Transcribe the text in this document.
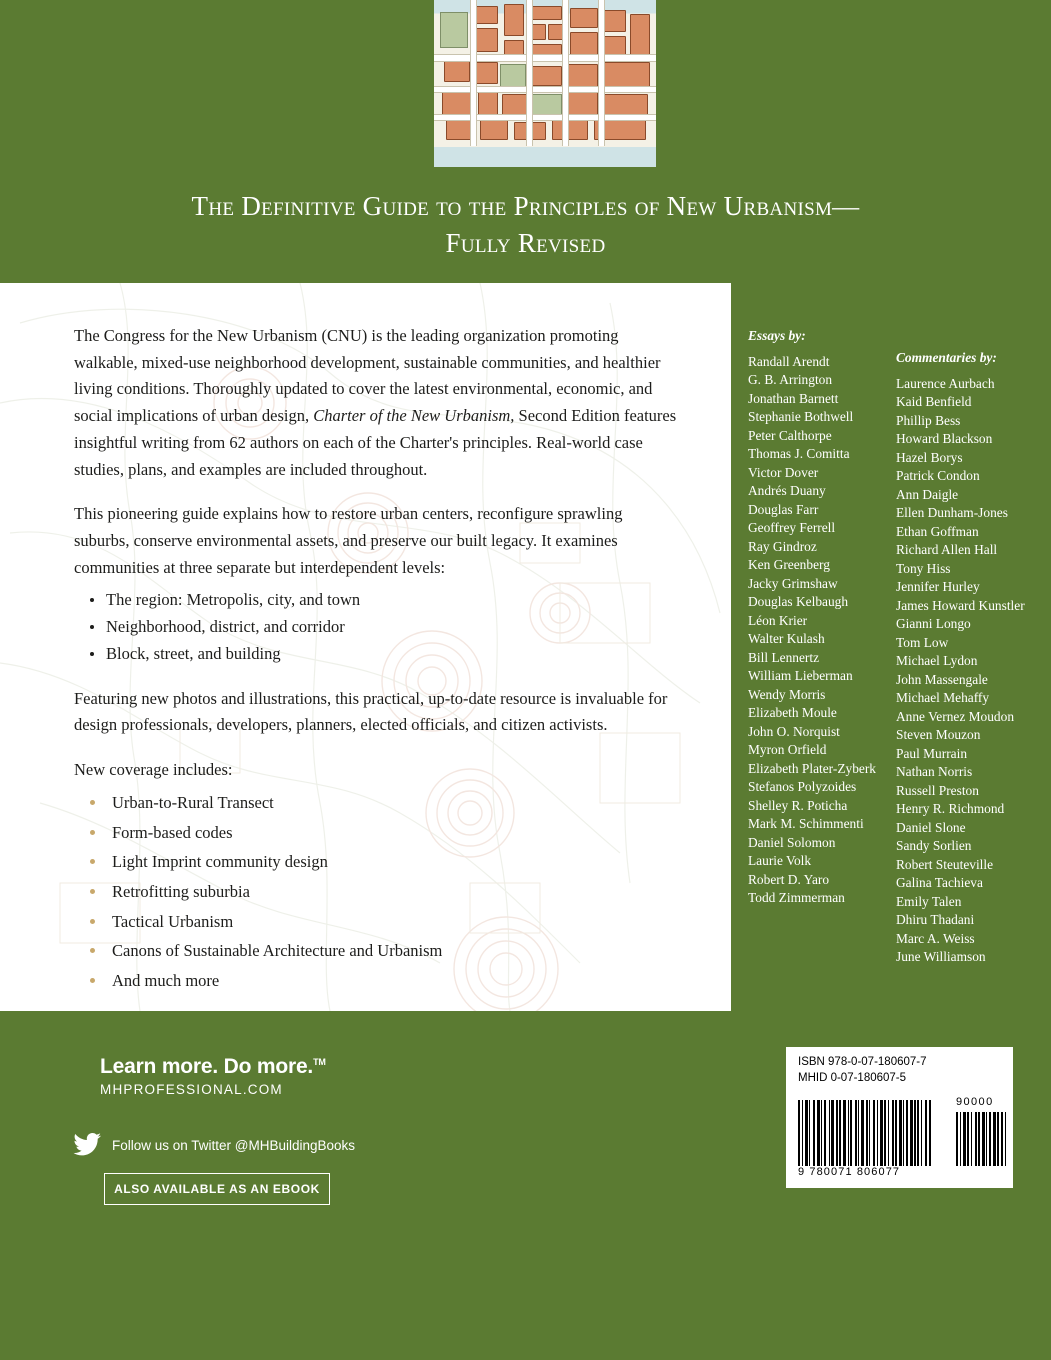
The Definitive Guide to the Principles of New Urbanism—
Fully Revised

The Congress for the New Urbanism (CNU) is the leading organization promoting walkable, mixed-use neighborhood development, sustainable communities, and healthier living conditions. Thoroughly updated to cover the latest environmental, economic, and social implications of urban design, Charter of the New Urbanism, Second Edition features insightful writing from 62 authors on each of the Charter's principles. Real-world case studies, plans, and examples are included throughout.

This pioneering guide explains how to restore urban centers, reconfigure sprawling suburbs, conserve environmental assets, and preserve our built legacy. It examines communities at three separate but interdependent levels:

The region: Metropolis, city, and town
Neighborhood, district, and corridor
Block, street, and building

Featuring new photos and illustrations, this practical, up-to-date resource is invaluable for design professionals, developers, planners, elected officials, and citizen activists.

New coverage includes:

Urban-to-Rural Transect
Form-based codes
Light Imprint community design
Retrofitting suburbia
Tactical Urbanism
Canons of Sustainable Architecture and Urbanism
And much more
Essays by:
Randall Arendt
G. B. Arrington
Jonathan Barnett
Stephanie Bothwell
Peter Calthorpe
Thomas J. Comitta
Victor Dover
Andrés Duany
Douglas Farr
Geoffrey Ferrell
Ray Gindroz
Ken Greenberg
Jacky Grimshaw
Douglas Kelbaugh
Léon Krier
Walter Kulash
Bill Lennertz
William Lieberman
Wendy Morris
Elizabeth Moule
John O. Norquist
Myron Orfield
Elizabeth Plater-Zyberk
Stefanos Polyzoides
Shelley R. Poticha
Mark M. Schimmenti
Daniel Solomon
Laurie Volk
Robert D. Yaro
Todd Zimmerman
Commentaries by:
Laurence Aurbach
Kaid Benfield
Phillip Bess
Howard Blackson
Hazel Borys
Patrick Condon
Ann Daigle
Ellen Dunham-Jones
Ethan Goffman
Richard Allen Hall
Tony Hiss
Jennifer Hurley
James Howard Kunstler
Gianni Longo
Tom Low
Michael Lydon
John Massengale
Michael Mehaffy
Anne Vernez Moudon
Steven Mouzon
Paul Murrain
Nathan Norris
Russell Preston
Henry R. Richmond
Daniel Slone
Sandy Sorlien
Robert Steuteville
Galina Tachieva
Emily Talen
Dhiru Thadani
Marc A. Weiss
June Williamson
Learn more. Do more.™
MHPROFESSIONAL.COM
Follow us on Twitter @MHBuildingBooks
ALSO AVAILABLE AS AN EBOOK
ISBN 978-0-07-180607-7
MHID 0-07-180607-5
9 780071 806077
90000
